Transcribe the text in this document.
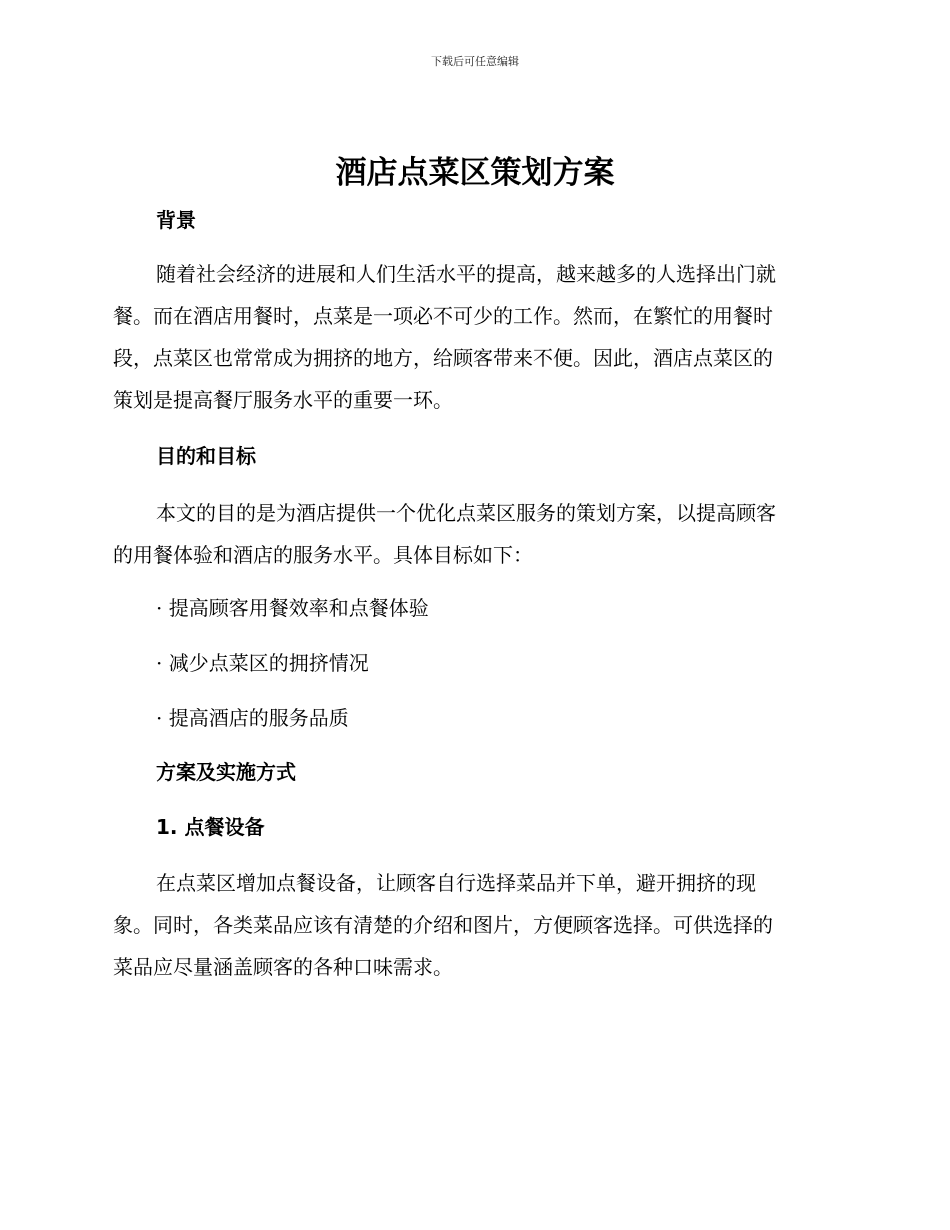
下载后可任意编辑
酒店点菜区策划方案
背景
随着社会经济的进展和人们生活水平的提高，越来越多的人选择出门就
餐。而在酒店用餐时，点菜是一项必不可少的工作。然而，在繁忙的用餐时
段，点菜区也常常成为拥挤的地方，给顾客带来不便。因此，酒店点菜区的
策划是提高餐厅服务水平的重要一环。
目的和目标
本文的目的是为酒店提供一个优化点菜区服务的策划方案，以提高顾客
的用餐体验和酒店的服务水平。具体目标如下：

· 提高顾客用餐效率和点餐体验

· 减少点菜区的拥挤情况

· 提高酒店的服务品质

方案及实施方式
1. 点餐设备
在点菜区增加点餐设备，让顾客自行选择菜品并下单，避开拥挤的现
象。同时，各类菜品应该有清楚的介绍和图片，方便顾客选择。可供选择的
菜品应尽量涵盖顾客的各种口味需求。
